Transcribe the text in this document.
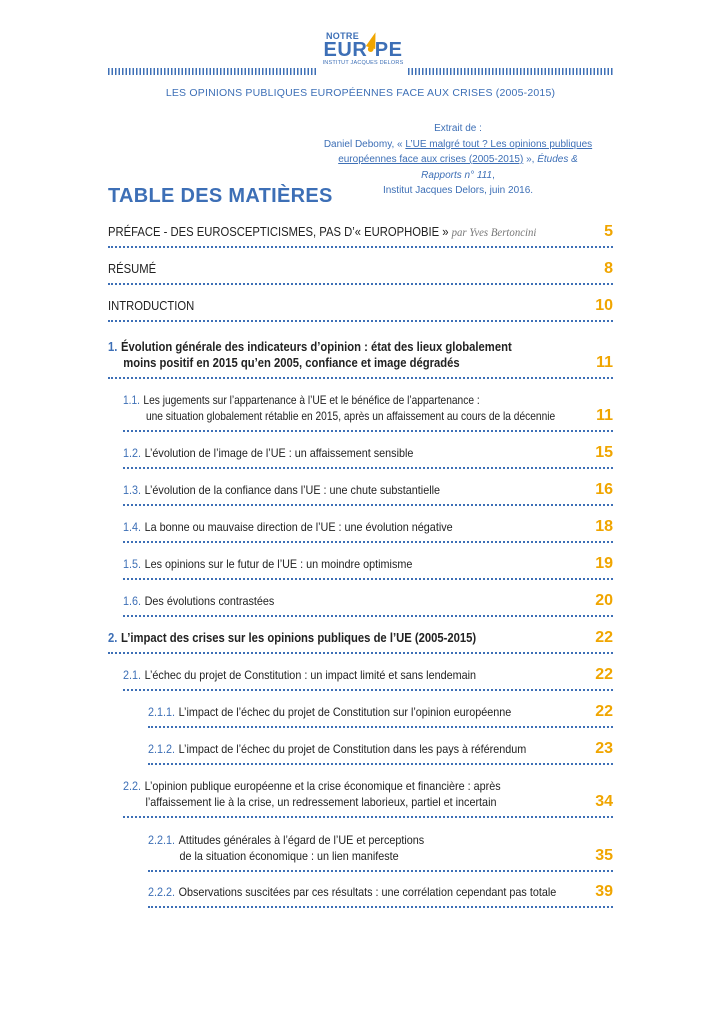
NOTRE
EUR•PE
INSTITUT JACQUES DELORS
LES OPINIONS PUBLIQUES EUROPÉENNES FACE AUX CRISES (2005-2015)
Extrait de :
Daniel Debomy, « L’UE malgré tout ? Les opinions publiques
européennes face aux crises (2005-2015) », Études & Rapports n° 111,
Institut Jacques Delors, juin 2016.
TABLE DES MATIÈRES
PRÉFACE - DES EUROSCEPTICISMES, PAS D’« EUROPHOBIE » par Yves Bertoncini	5
RÉSUMÉ	8
INTRODUCTION	10
1. Évolution générale des indicateurs d’opinion : état des lieux globalement
moins positif en 2015 qu’en 2005, confiance et image dégradés	11
1.1. Les jugements sur l’appartenance à l’UE et le bénéfice de l’appartenance :
une situation globalement rétablie en 2015, après un affaissement au cours de la décennie	11
1.2. L’évolution de l’image de l’UE : un affaissement sensible	15
1.3. L’évolution de la confiance dans l’UE : une chute substantielle	16
1.4. La bonne ou mauvaise direction de l’UE : une évolution négative	18
1.5. Les opinions sur le futur de l’UE : un moindre optimisme	19
1.6. Des évolutions contrastées	20
2. L’impact des crises sur les opinions publiques de l’UE (2005-2015)	22
2.1. L’échec du projet de Constitution : un impact limité et sans lendemain	22
2.1.1. L’impact de l’échec du projet de Constitution sur l’opinion européenne	22
2.1.2. L’impact de l’échec du projet de Constitution dans les pays à référendum	23
2.2. L’opinion publique européenne et la crise économique et financière : après
l’affaissement lie à la crise, un redressement laborieux, partiel et incertain	34
2.2.1. Attitudes générales à l’égard de l’UE et perceptions
de la situation économique : un lien manifeste	35
2.2.2. Observations suscitées par ces résultats : une corrélation cependant pas totale	39
